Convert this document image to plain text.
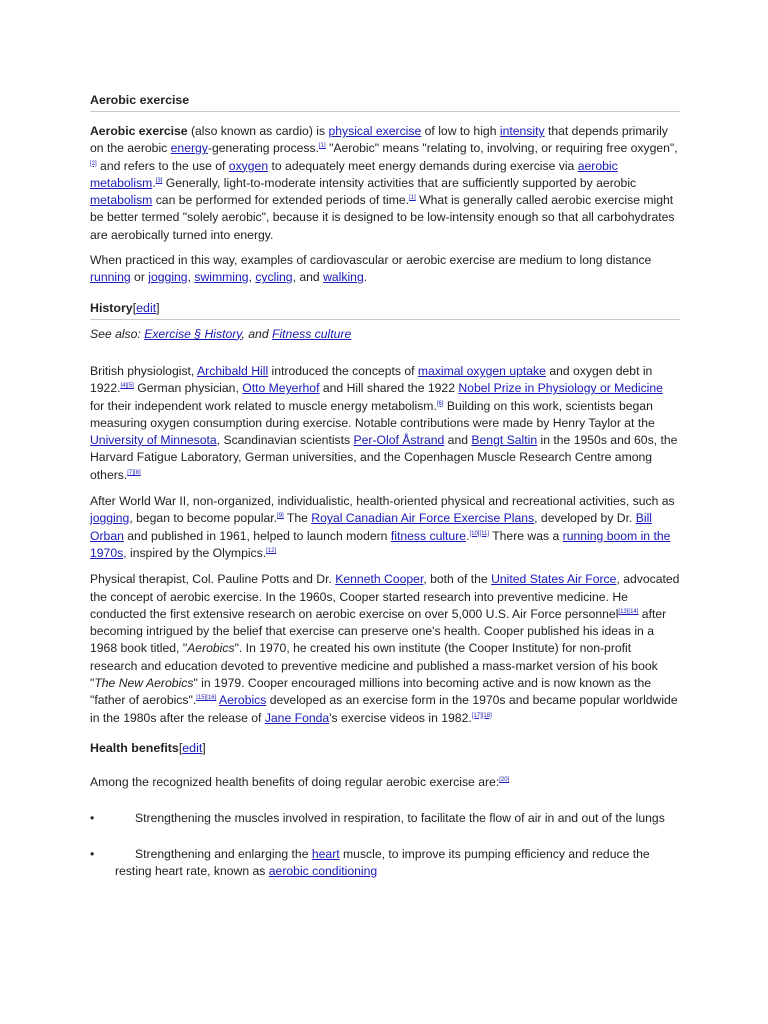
Aerobic exercise

Aerobic exercise (also known as cardio) is physical exercise of low to high intensity that depends primarily on the aerobic energy-generating process.[1] "Aerobic" means "relating to, involving, or requiring free oxygen",[2] and refers to the use of oxygen to adequately meet energy demands during exercise via aerobic metabolism.[3] Generally, light-to-moderate intensity activities that are sufficiently supported by aerobic metabolism can be performed for extended periods of time.[1] What is generally called aerobic exercise might be better termed "solely aerobic", because it is designed to be low-intensity enough so that all carbohydrates are aerobically turned into energy.

When practiced in this way, examples of cardiovascular or aerobic exercise are medium to long distance running or jogging, swimming, cycling, and walking.

History[edit]

See also: Exercise § History, and Fitness culture

British physiologist, Archibald Hill introduced the concepts of maximal oxygen uptake and oxygen debt in 1922.[4][5] German physician, Otto Meyerhof and Hill shared the 1922 Nobel Prize in Physiology or Medicine for their independent work related to muscle energy metabolism.[6] Building on this work, scientists began measuring oxygen consumption during exercise. Notable contributions were made by Henry Taylor at the University of Minnesota, Scandinavian scientists Per-Olof Åstrand and Bengt Saltin in the 1950s and 60s, the Harvard Fatigue Laboratory, German universities, and the Copenhagen Muscle Research Centre among others.[7][8]

After World War II, non-organized, individualistic, health-oriented physical and recreational activities, such as jogging, began to become popular.[9] The Royal Canadian Air Force Exercise Plans, developed by Dr. Bill Orban and published in 1961, helped to launch modern fitness culture.[10][11] There was a running boom in the 1970s, inspired by the Olympics.[12]

Physical therapist, Col. Pauline Potts and Dr. Kenneth Cooper, both of the United States Air Force, advocated the concept of aerobic exercise. In the 1960s, Cooper started research into preventive medicine. He conducted the first extensive research on aerobic exercise on over 5,000 U.S. Air Force personnel[13][14] after becoming intrigued by the belief that exercise can preserve one's health. Cooper published his ideas in a 1968 book titled, "Aerobics". In 1970, he created his own institute (the Cooper Institute) for non-profit research and education devoted to preventive medicine and published a mass-market version of his book "The New Aerobics" in 1979. Cooper encouraged millions into becoming active and is now known as the "father of aerobics".[15][16] Aerobics developed as an exercise form in the 1970s and became popular worldwide in the 1980s after the release of Jane Fonda's exercise videos in 1982.[17][18]

Health benefits[edit]

Among the recognized health benefits of doing regular aerobic exercise are:[20]

•	Strengthening the muscles involved in respiration, to facilitate the flow of air in and out of the lungs
•	Strengthening and enlarging the heart muscle, to improve its pumping efficiency and reduce the resting heart rate, known as aerobic conditioning
